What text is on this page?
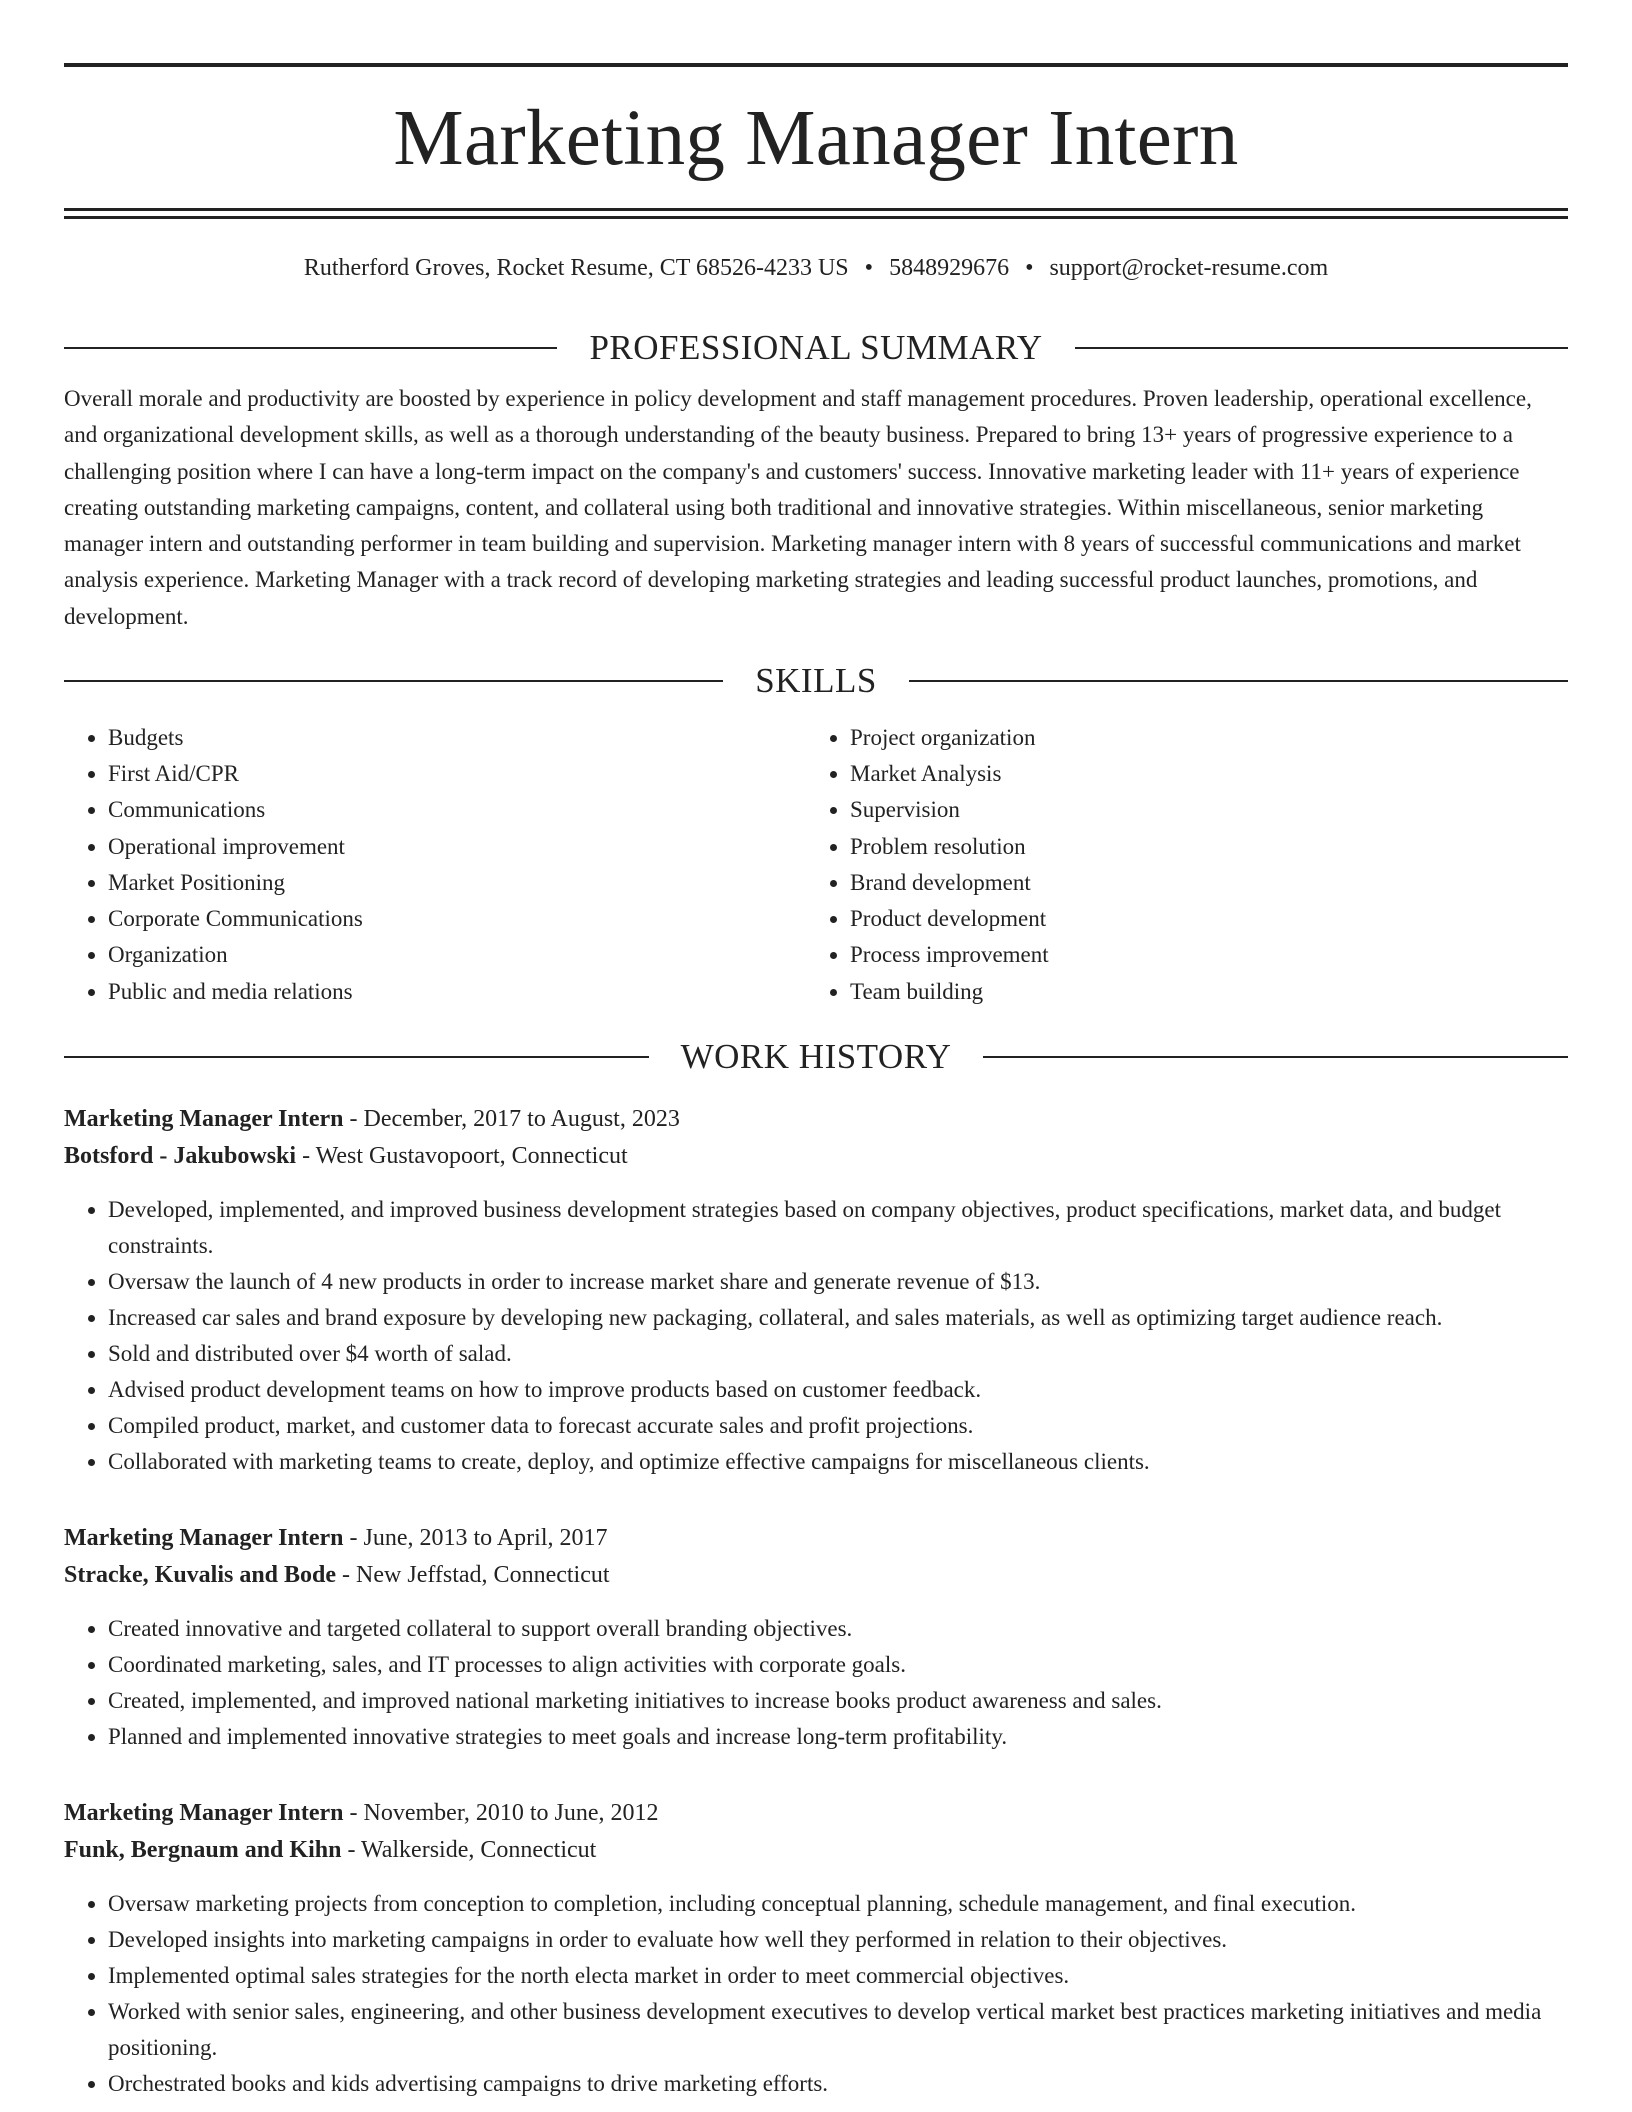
Marketing Manager Intern
Rutherford Groves, Rocket Resume, CT 68526-4233 US • 5848929676 • support@rocket-resume.com
PROFESSIONAL SUMMARY
Overall morale and productivity are boosted by experience in policy development and staff management procedures. Proven leadership, operational excellence, and organizational development skills, as well as a thorough understanding of the beauty business. Prepared to bring 13+ years of progressive experience to a challenging position where I can have a long-term impact on the company's and customers' success. Innovative marketing leader with 11+ years of experience creating outstanding marketing campaigns, content, and collateral using both traditional and innovative strategies. Within miscellaneous, senior marketing manager intern and outstanding performer in team building and supervision. Marketing manager intern with 8 years of successful communications and market analysis experience. Marketing Manager with a track record of developing marketing strategies and leading successful product launches, promotions, and development.
SKILLS
• Budgets
• First Aid/CPR
• Communications
• Operational improvement
• Market Positioning
• Corporate Communications
• Organization
• Public and media relations
• Project organization
• Market Analysis
• Supervision
• Problem resolution
• Brand development
• Product development
• Process improvement
• Team building
WORK HISTORY
Marketing Manager Intern - December, 2017 to August, 2023
Botsford - Jakubowski - West Gustavopoort, Connecticut
• Developed, implemented, and improved business development strategies based on company objectives, product specifications, market data, and budget constraints.
• Oversaw the launch of 4 new products in order to increase market share and generate revenue of $13.
• Increased car sales and brand exposure by developing new packaging, collateral, and sales materials, as well as optimizing target audience reach.
• Sold and distributed over $4 worth of salad.
• Advised product development teams on how to improve products based on customer feedback.
• Compiled product, market, and customer data to forecast accurate sales and profit projections.
• Collaborated with marketing teams to create, deploy, and optimize effective campaigns for miscellaneous clients.
Marketing Manager Intern - June, 2013 to April, 2017
Stracke, Kuvalis and Bode - New Jeffstad, Connecticut
• Created innovative and targeted collateral to support overall branding objectives.
• Coordinated marketing, sales, and IT processes to align activities with corporate goals.
• Created, implemented, and improved national marketing initiatives to increase books product awareness and sales.
• Planned and implemented innovative strategies to meet goals and increase long-term profitability.
Marketing Manager Intern - November, 2010 to June, 2012
Funk, Bergnaum and Kihn - Walkerside, Connecticut
• Oversaw marketing projects from conception to completion, including conceptual planning, schedule management, and final execution.
• Developed insights into marketing campaigns in order to evaluate how well they performed in relation to their objectives.
• Implemented optimal sales strategies for the north electa market in order to meet commercial objectives.
• Worked with senior sales, engineering, and other business development executives to develop vertical market best practices marketing initiatives and media positioning.
• Orchestrated books and kids advertising campaigns to drive marketing efforts.
